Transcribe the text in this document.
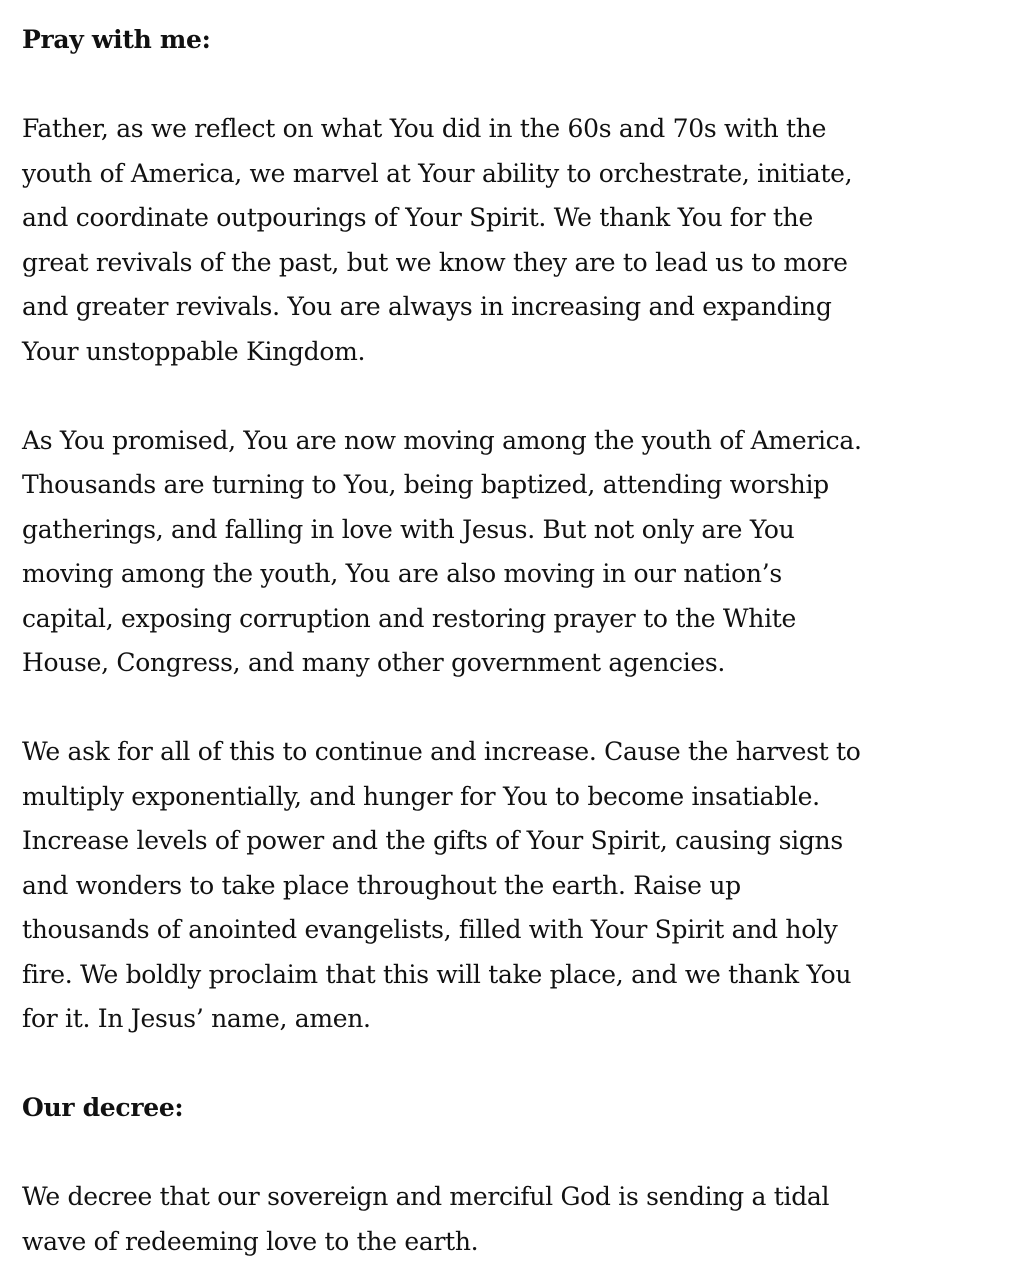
Pray with me:
Father, as we reflect on what You did in the 60s and 70s with the
youth of America, we marvel at Your ability to orchestrate, initiate,
and coordinate outpourings of Your Spirit. We thank You for the
great revivals of the past, but we know they are to lead us to more
and greater revivals. You are always in increasing and expanding
Your unstoppable Kingdom.
As You promised, You are now moving among the youth of America.
Thousands are turning to You, being baptized, attending worship
gatherings, and falling in love with Jesus. But not only are You
moving among the youth, You are also moving in our nation’s
capital, exposing corruption and restoring prayer to the White
House, Congress, and many other government agencies.
We ask for all of this to continue and increase. Cause the harvest to
multiply exponentially, and hunger for You to become insatiable.
Increase levels of power and the gifts of Your Spirit, causing signs
and wonders to take place throughout the earth. Raise up
thousands of anointed evangelists, filled with Your Spirit and holy
fire. We boldly proclaim that this will take place, and we thank You
for it. In Jesus’ name, amen.
Our decree:
We decree that our sovereign and merciful God is sending a tidal
wave of redeeming love to the earth.
